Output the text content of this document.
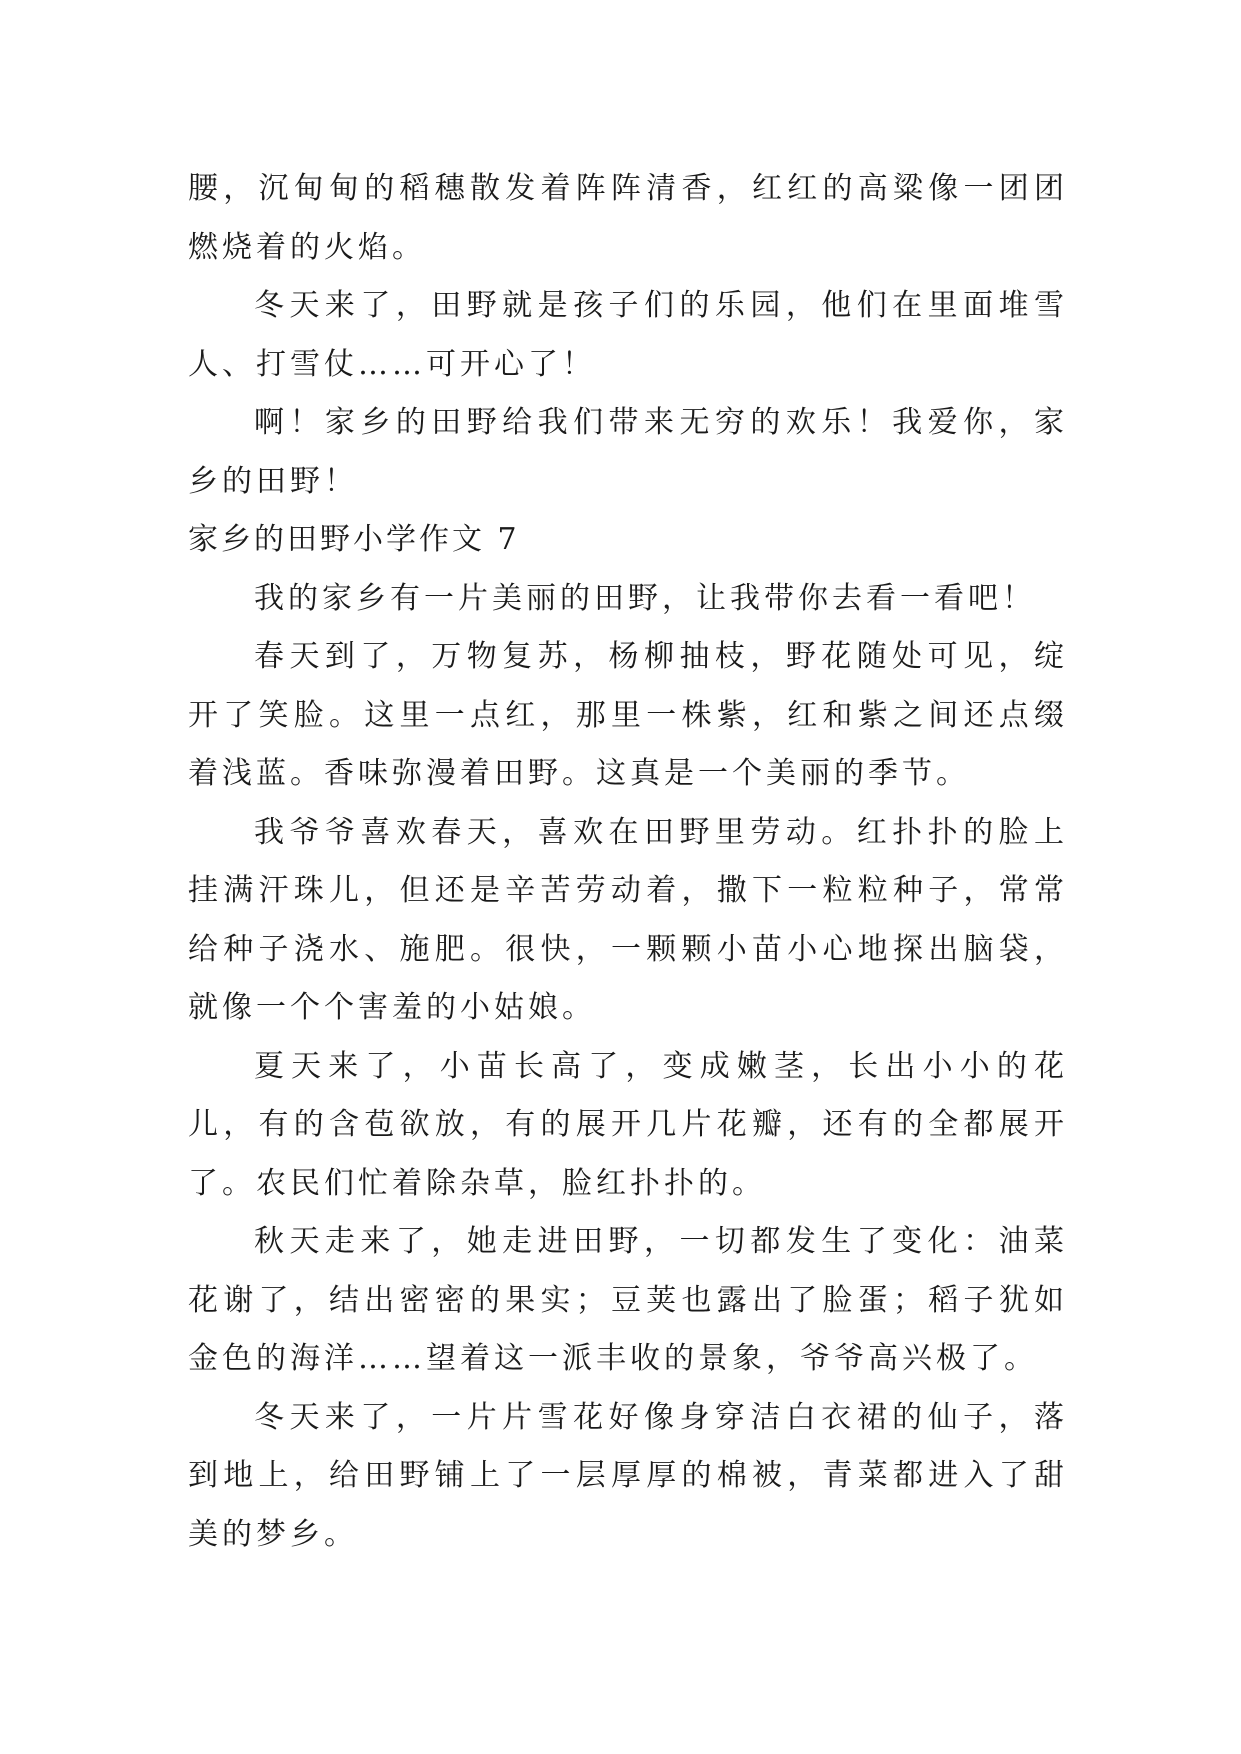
腰，沉甸甸的稻穗散发着阵阵清香，红红的高粱像一团团燃烧着的火焰。

冬天来了，田野就是孩子们的乐园，他们在里面堆雪人、打雪仗……可开心了！

啊！家乡的田野给我们带来无穷的欢乐！我爱你，家乡的田野！

家乡的田野小学作文 7

我的家乡有一片美丽的田野，让我带你去看一看吧！

春天到了，万物复苏，杨柳抽枝，野花随处可见，绽开了笑脸。这里一点红，那里一株紫，红和紫之间还点缀着浅蓝。香味弥漫着田野。这真是一个美丽的季节。

我爷爷喜欢春天，喜欢在田野里劳动。红扑扑的脸上挂满汗珠儿，但还是辛苦劳动着，撒下一粒粒种子，常常给种子浇水、施肥。很快，一颗颗小苗小心地探出脑袋，就像一个个害羞的小姑娘。

夏天来了，小苗长高了，变成嫩茎，长出小小的花儿，有的含苞欲放，有的展开几片花瓣，还有的全都展开了。农民们忙着除杂草，脸红扑扑的。

秋天走来了，她走进田野，一切都发生了变化：油菜花谢了，结出密密的果实；豆荚也露出了脸蛋；稻子犹如金色的海洋……望着这一派丰收的景象，爷爷高兴极了。

冬天来了，一片片雪花好像身穿洁白衣裙的仙子，落到地上，给田野铺上了一层厚厚的棉被，青菜都进入了甜美的梦乡。
